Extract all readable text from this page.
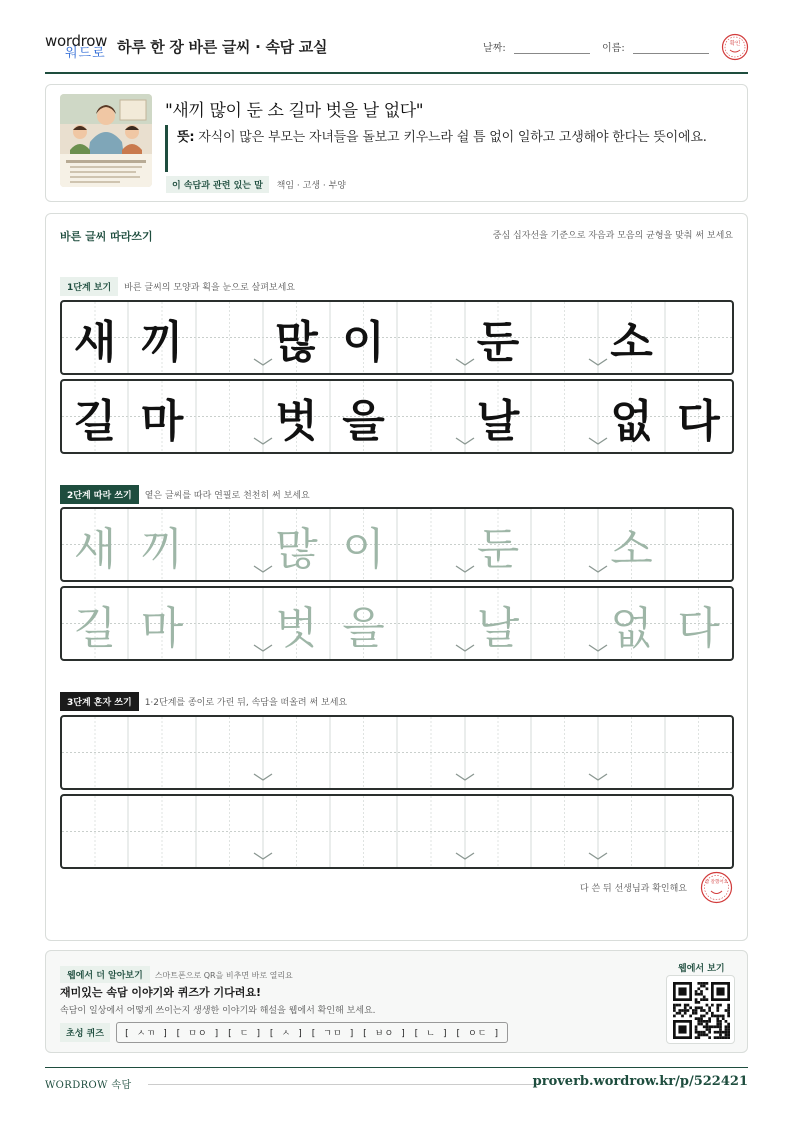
wordrow
워드로 하루 한 장 바른 글씨 · 속담 교실	날짜:	이름:	확인
"새끼 많이 둔 소 길마 벗을 날 없다"
뜻: 자식이 많은 부모는 자녀들을 돌보고 키우느라 쉴 틈 없이 일하고 고생해야 한다는 뜻이에요.
이 속담과 관련 있는 말 책임 · 고생 · 부양
바른 글씨 따라쓰기	중심 십자선을 기준으로 자음과 모음의 균형을 맞춰 써 보세요
1단계 보기 바른 글씨의 모양과 획을 눈으로 살펴보세요
새 끼 많 이 둔 소
길 마 벗 을 날 없 다
2단계 따라 쓰기 옅은 글씨를 따라 연필로 천천히 써 보세요
새 끼 많 이 둔 소
길 마 벗 을 날 없 다
3단계 혼자 쓰기 1·2단계를 종이로 가린 뒤, 속담을 떠올려 써 보세요
다 쓴 뒤 선생님과 확인해요
참 잘했어요
웹에서 더 알아보기 스마트폰으로 QR을 비추면 바로 열리요
재미있는 속담 이야기와 퀴즈가 기다려요!
속담이 일상에서 어떻게 쓰이는지 생생한 이야기와 해설을 웹에서 확인해 보세요.
초성 퀴즈 [ ㅅㄲ ] [ ㅁㅇ ] [ ㄷ ] [ ㅅ ] [ ㄱㅁ ] [ ㅂㅇ ] [ ㄴ ] [ ㅇㄷ ]
웹에서 보기
WORDROW 속담	proverb.wordrow.kr/p/522421
